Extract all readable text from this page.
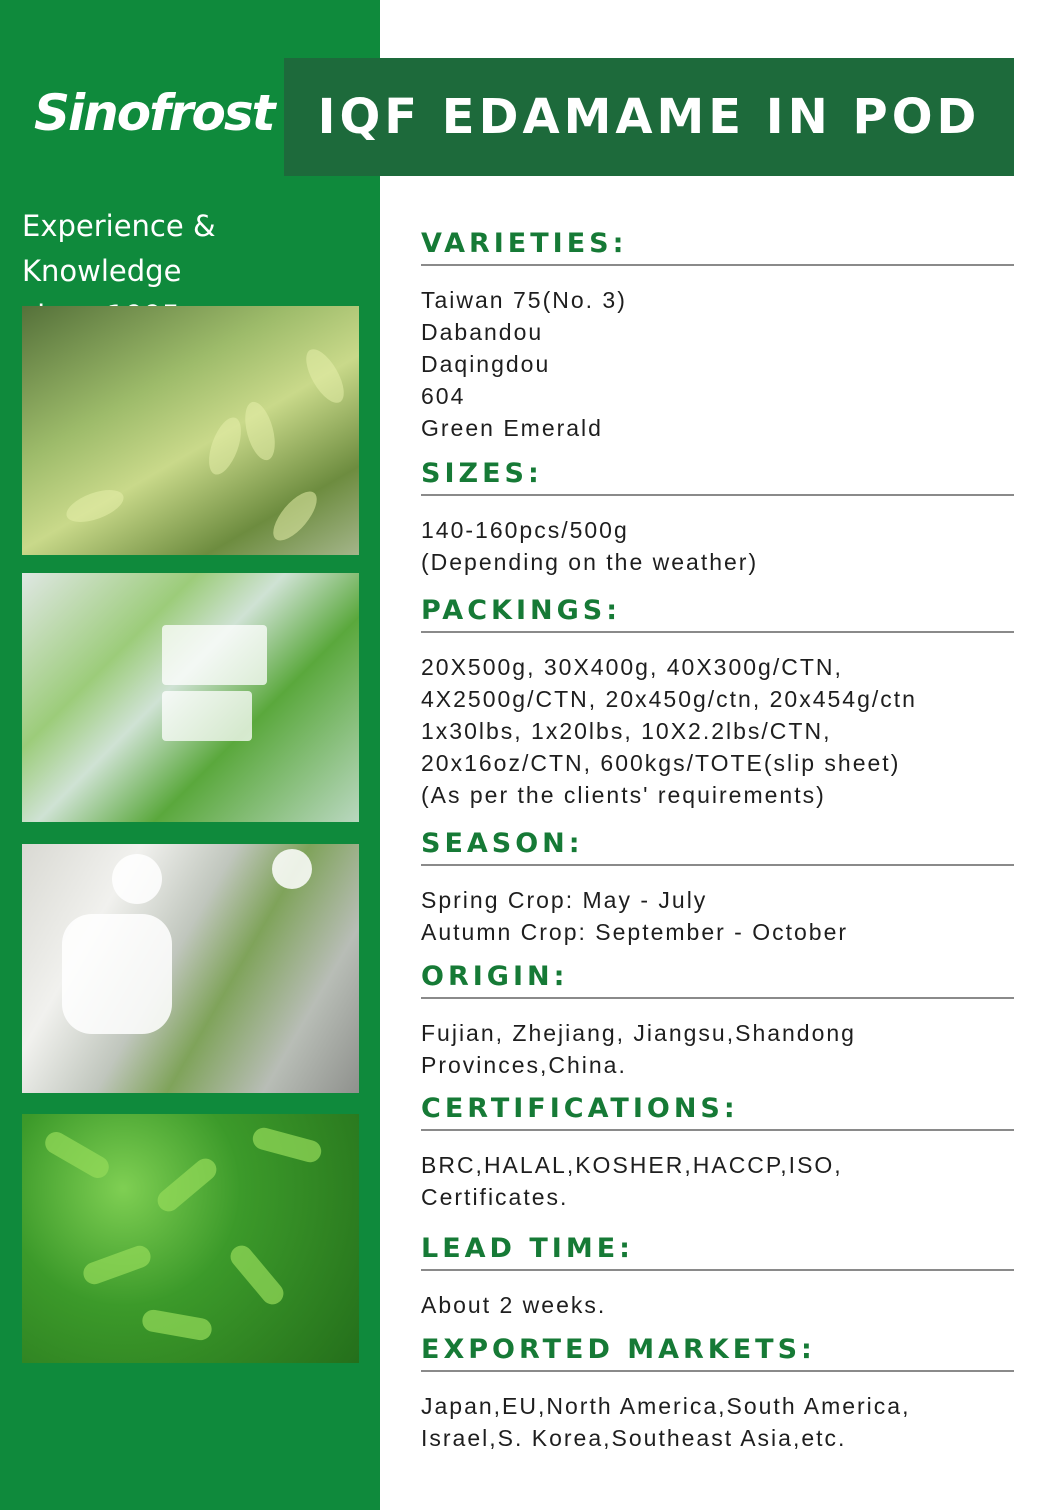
Sinofrost

Experience & Knowledge

IQF EDAMAME IN POD
VARIETIES:
Taiwan 75(No. 3)
Dabandou
Daqingdou
604
Green Emerald
SIZES:
140-160pcs/500g
(Depending on the weather)
PACKINGS:
20X500g, 30X400g, 40X300g/CTN,
4X2500g/CTN, 20x450g/ctn, 20x454g/ctn
1x30lbs, 1x20lbs, 10X2.2lbs/CTN,
20x16oz/CTN, 600kgs/TOTE(slip sheet)
(As per the clients' requirements)
SEASON:
Spring Crop: May - July
Autumn Crop: September - October
ORIGIN:
Fujian, Zhejiang, Jiangsu,Shandong
Provinces,China.
CERTIFICATIONS:
BRC,HALAL,KOSHER,HACCP,ISO,
Certificates.
LEAD TIME:
About 2 weeks.
EXPORTED MARKETS:
Japan,EU,North America,South America,
Israel,S. Korea,Southeast Asia,etc.
